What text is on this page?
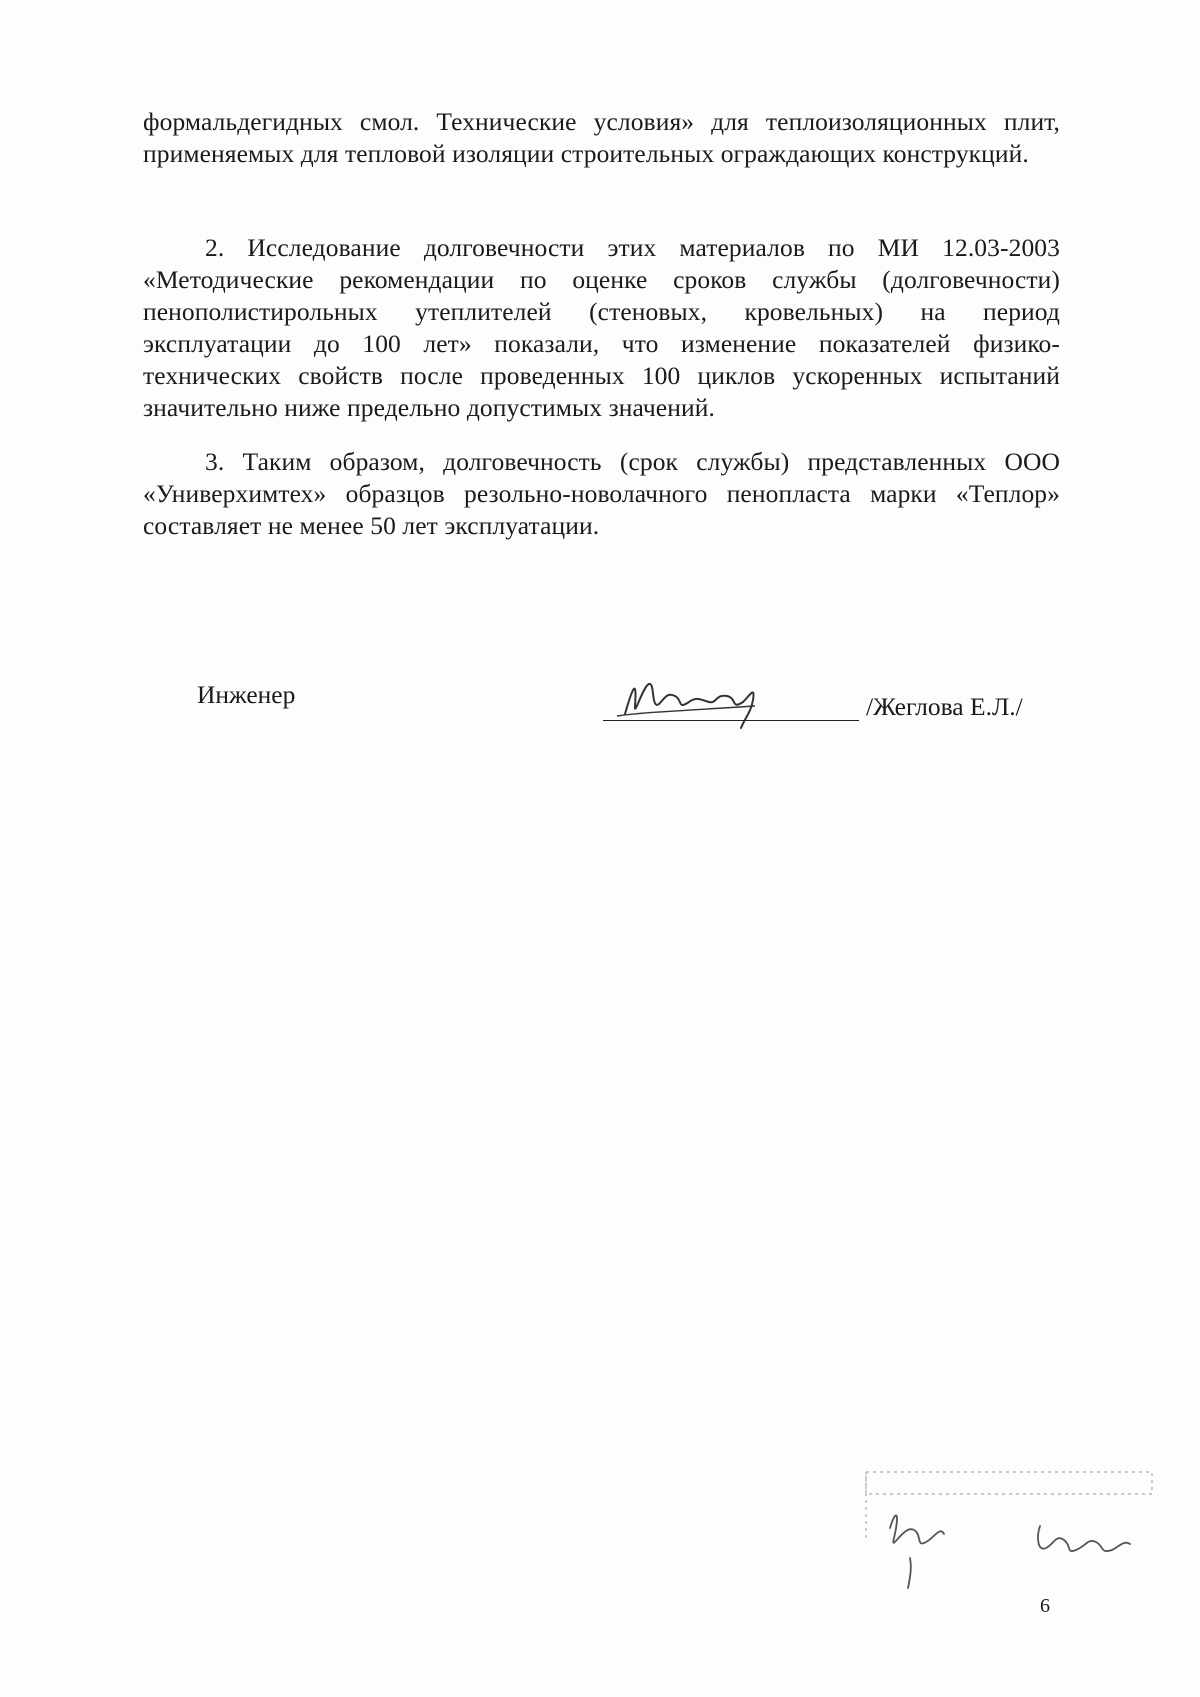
формальдегидных смол. Технические условия» для теплоизоляционных плит, применяемых для тепловой изоляции строительных ограждающих конструкций.

2. Исследование долговечности этих материалов по МИ 12.03-2003 «Методические рекомендации по оценке сроков службы (долговечности) пенополистирольных утеплителей (стеновых, кровельных) на период эксплуатации до 100 лет» показали, что изменение показателей физико-технических свойств после проведенных 100 циклов ускоренных испытаний значительно ниже предельно допустимых значений.

3. Таким образом, долговечность (срок службы) представленных ООО «Универхимтех» образцов резольно-новолачного пенопласта марки «Теплор» составляет не менее 50 лет эксплуатации.

Инженер	/Жеглова Е.Л./
6
